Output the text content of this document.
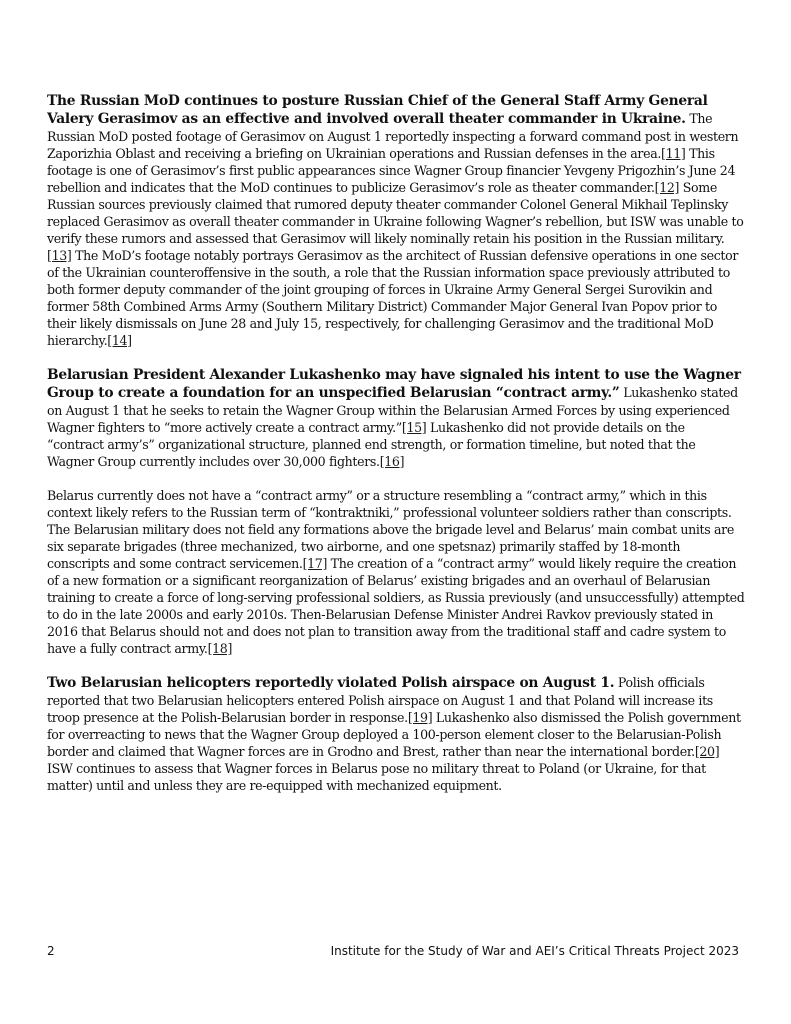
The Russian MoD continues to posture Russian Chief of the General Staff Army General Valery Gerasimov as an effective and involved overall theater commander in Ukraine. The Russian MoD posted footage of Gerasimov on August 1 reportedly inspecting a forward command post in western Zaporizhia Oblast and receiving a briefing on Ukrainian operations and Russian defenses in the area.[11] This footage is one of Gerasimov’s first public appearances since Wagner Group financier Yevgeny Prigozhin’s June 24 rebellion and indicates that the MoD continues to publicize Gerasimov’s role as theater commander.[12] Some Russian sources previously claimed that rumored deputy theater commander Colonel General Mikhail Teplinsky replaced Gerasimov as overall theater commander in Ukraine following Wagner’s rebellion, but ISW was unable to verify these rumors and assessed that Gerasimov will likely nominally retain his position in the Russian military.[13] The MoD’s footage notably portrays Gerasimov as the architect of Russian defensive operations in one sector of the Ukrainian counteroffensive in the south, a role that the Russian information space previously attributed to both former deputy commander of the joint grouping of forces in Ukraine Army General Sergei Surovikin and former 58th Combined Arms Army (Southern Military District) Commander Major General Ivan Popov prior to their likely dismissals on June 28 and July 15, respectively, for challenging Gerasimov and the traditional MoD hierarchy.[14]

Belarusian President Alexander Lukashenko may have signaled his intent to use the Wagner Group to create a foundation for an unspecified Belarusian “contract army.” Lukashenko stated on August 1 that he seeks to retain the Wagner Group within the Belarusian Armed Forces by using experienced Wagner fighters to “more actively create a contract army.”[15] Lukashenko did not provide details on the “contract army’s” organizational structure, planned end strength, or formation timeline, but noted that the Wagner Group currently includes over 30,000 fighters.[16]

Belarus currently does not have a “contract army” or a structure resembling a “contract army,” which in this context likely refers to the Russian term of “kontraktniki,” professional volunteer soldiers rather than conscripts. The Belarusian military does not field any formations above the brigade level and Belarus’ main combat units are six separate brigades (three mechanized, two airborne, and one spetsnaz) primarily staffed by 18-month conscripts and some contract servicemen.[17] The creation of a “contract army” would likely require the creation of a new formation or a significant reorganization of Belarus’ existing brigades and an overhaul of Belarusian training to create a force of long-serving professional soldiers, as Russia previously (and unsuccessfully) attempted to do in the late 2000s and early 2010s. Then-Belarusian Defense Minister Andrei Ravkov previously stated in 2016 that Belarus should not and does not plan to transition away from the traditional staff and cadre system to have a fully contract army.[18]

Two Belarusian helicopters reportedly violated Polish airspace on August 1. Polish officials reported that two Belarusian helicopters entered Polish airspace on August 1 and that Poland will increase its troop presence at the Polish-Belarusian border in response.[19] Lukashenko also dismissed the Polish government for overreacting to news that the Wagner Group deployed a 100-person element closer to the Belarusian-Polish border and claimed that Wagner forces are in Grodno and Brest, rather than near the international border.[20] ISW continues to assess that Wagner forces in Belarus pose no military threat to Poland (or Ukraine, for that matter) until and unless they are re-equipped with mechanized equipment.

2	Institute for the Study of War and AEI’s Critical Threats Project 2023
